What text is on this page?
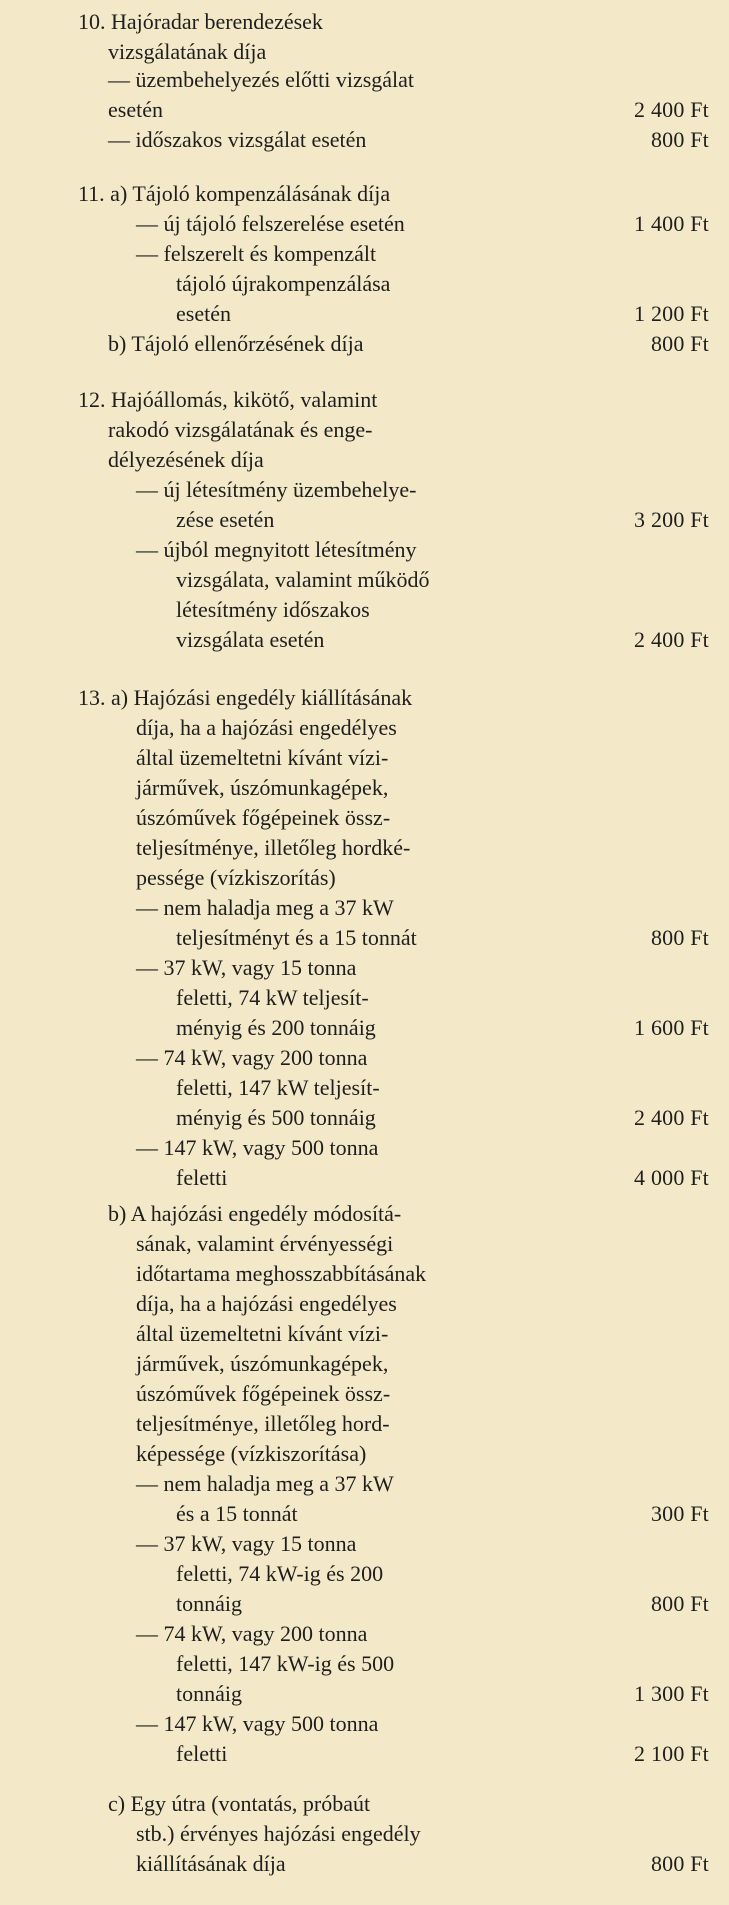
10. Hajóradar berendezések
vizsgálatának díja
— üzembehelyezés előtti vizsgálat
esetén	2 400 Ft
— időszakos vizsgálat esetén	800 Ft
11. a) Tájoló kompenzálásának díja
— új tájoló felszerelése esetén	1 400 Ft
— felszerelt és kompenzált
tájoló újrakompenzálása
esetén	1 200 Ft
b) Tájoló ellenőrzésének díja	800 Ft
12. Hajóállomás, kikötő, valamint
rakodó vizsgálatának és enge-
délyezésének díja
— új létesítmény üzembehelye-
zése esetén	3 200 Ft
— újból megnyitott létesítmény
vizsgálata, valamint működő
létesítmény időszakos
vizsgálata esetén	2 400 Ft
13. a) Hajózási engedély kiállításának
díja, ha a hajózási engedélyes
által üzemeltetni kívánt vízi-
járművek, úszómunkagépek,
úszóművek főgépeinek össz-
teljesítménye, illetőleg hordké-
pessége (vízkiszorítás)
— nem haladja meg a 37 kW
teljesítményt és a 15 tonnát	800 Ft
— 37 kW, vagy 15 tonna
feletti, 74 kW teljesít-
ményig és 200 tonnáig	1 600 Ft
— 74 kW, vagy 200 tonna
feletti, 147 kW teljesít-
ményig és 500 tonnáig	2 400 Ft
— 147 kW, vagy 500 tonna
feletti	4 000 Ft
b) A hajózási engedély módosítá-
sának, valamint érvényességi
időtartama meghosszabbításának
díja, ha a hajózási engedélyes
által üzemeltetni kívánt vízi-
járművek, úszómunkagépek,
úszóművek főgépeinek össz-
teljesítménye, illetőleg hord-
képessége (vízkiszorítása)
— nem haladja meg a 37 kW
és a 15 tonnát	300 Ft
— 37 kW, vagy 15 tonna
feletti, 74 kW-ig és 200
tonnáig	800 Ft
— 74 kW, vagy 200 tonna
feletti, 147 kW-ig és 500
tonnáig	1 300 Ft
— 147 kW, vagy 500 tonna
feletti	2 100 Ft
c) Egy útra (vontatás, próbaút
stb.) érvényes hajózási engedély
kiállításának díja	800 Ft
